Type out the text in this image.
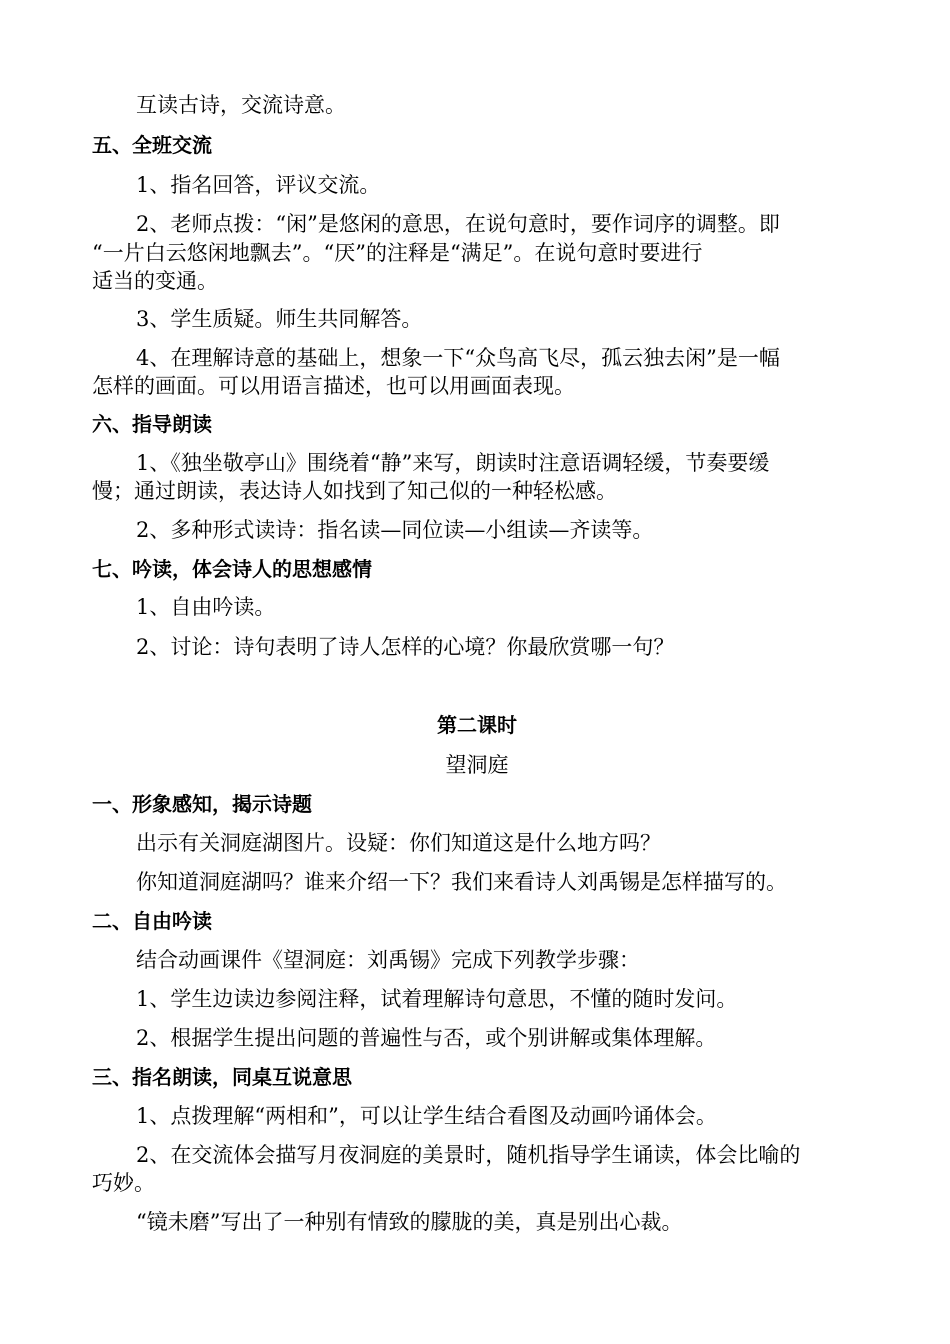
互读古诗，交流诗意。
五、全班交流
1、指名回答，评议交流。
2、老师点拨：“闲”是悠闲的意思，在说句意时，要作词序的调整。即
“一片白云悠闲地飘去”。“厌”的注释是“满足”。在说句意时要进行
适当的变通。
3、学生质疑。师生共同解答。
4、在理解诗意的基础上，想象一下“众鸟高飞尽，孤云独去闲”是一幅
怎样的画面。可以用语言描述，也可以用画面表现。
六、指导朗读
1、《独坐敬亭山》围绕着“静”来写，朗读时注意语调轻缓，节奏要缓
慢；通过朗读，表达诗人如找到了知己似的一种轻松感。
2、多种形式读诗：指名读—同位读—小组读—齐读等。
七、吟读，体会诗人的思想感情
1、自由吟读。
2、讨论：诗句表明了诗人怎样的心境？你最欣赏哪一句？
第二课时
望洞庭
一、形象感知，揭示诗题
出示有关洞庭湖图片。设疑：你们知道这是什么地方吗？
你知道洞庭湖吗？谁来介绍一下？我们来看诗人刘禹锡是怎样描写的。
二、自由吟读
结合动画课件《望洞庭：刘禹锡》完成下列教学步骤：
1、学生边读边参阅注释，试着理解诗句意思，不懂的随时发问。
2、根据学生提出问题的普遍性与否，或个别讲解或集体理解。
三、指名朗读，同桌互说意思
1、点拨理解“两相和”，可以让学生结合看图及动画吟诵体会。
2、在交流体会描写月夜洞庭的美景时，随机指导学生诵读，体会比喻的
巧妙。
“镜未磨”写出了一种别有情致的朦胧的美，真是别出心裁。
